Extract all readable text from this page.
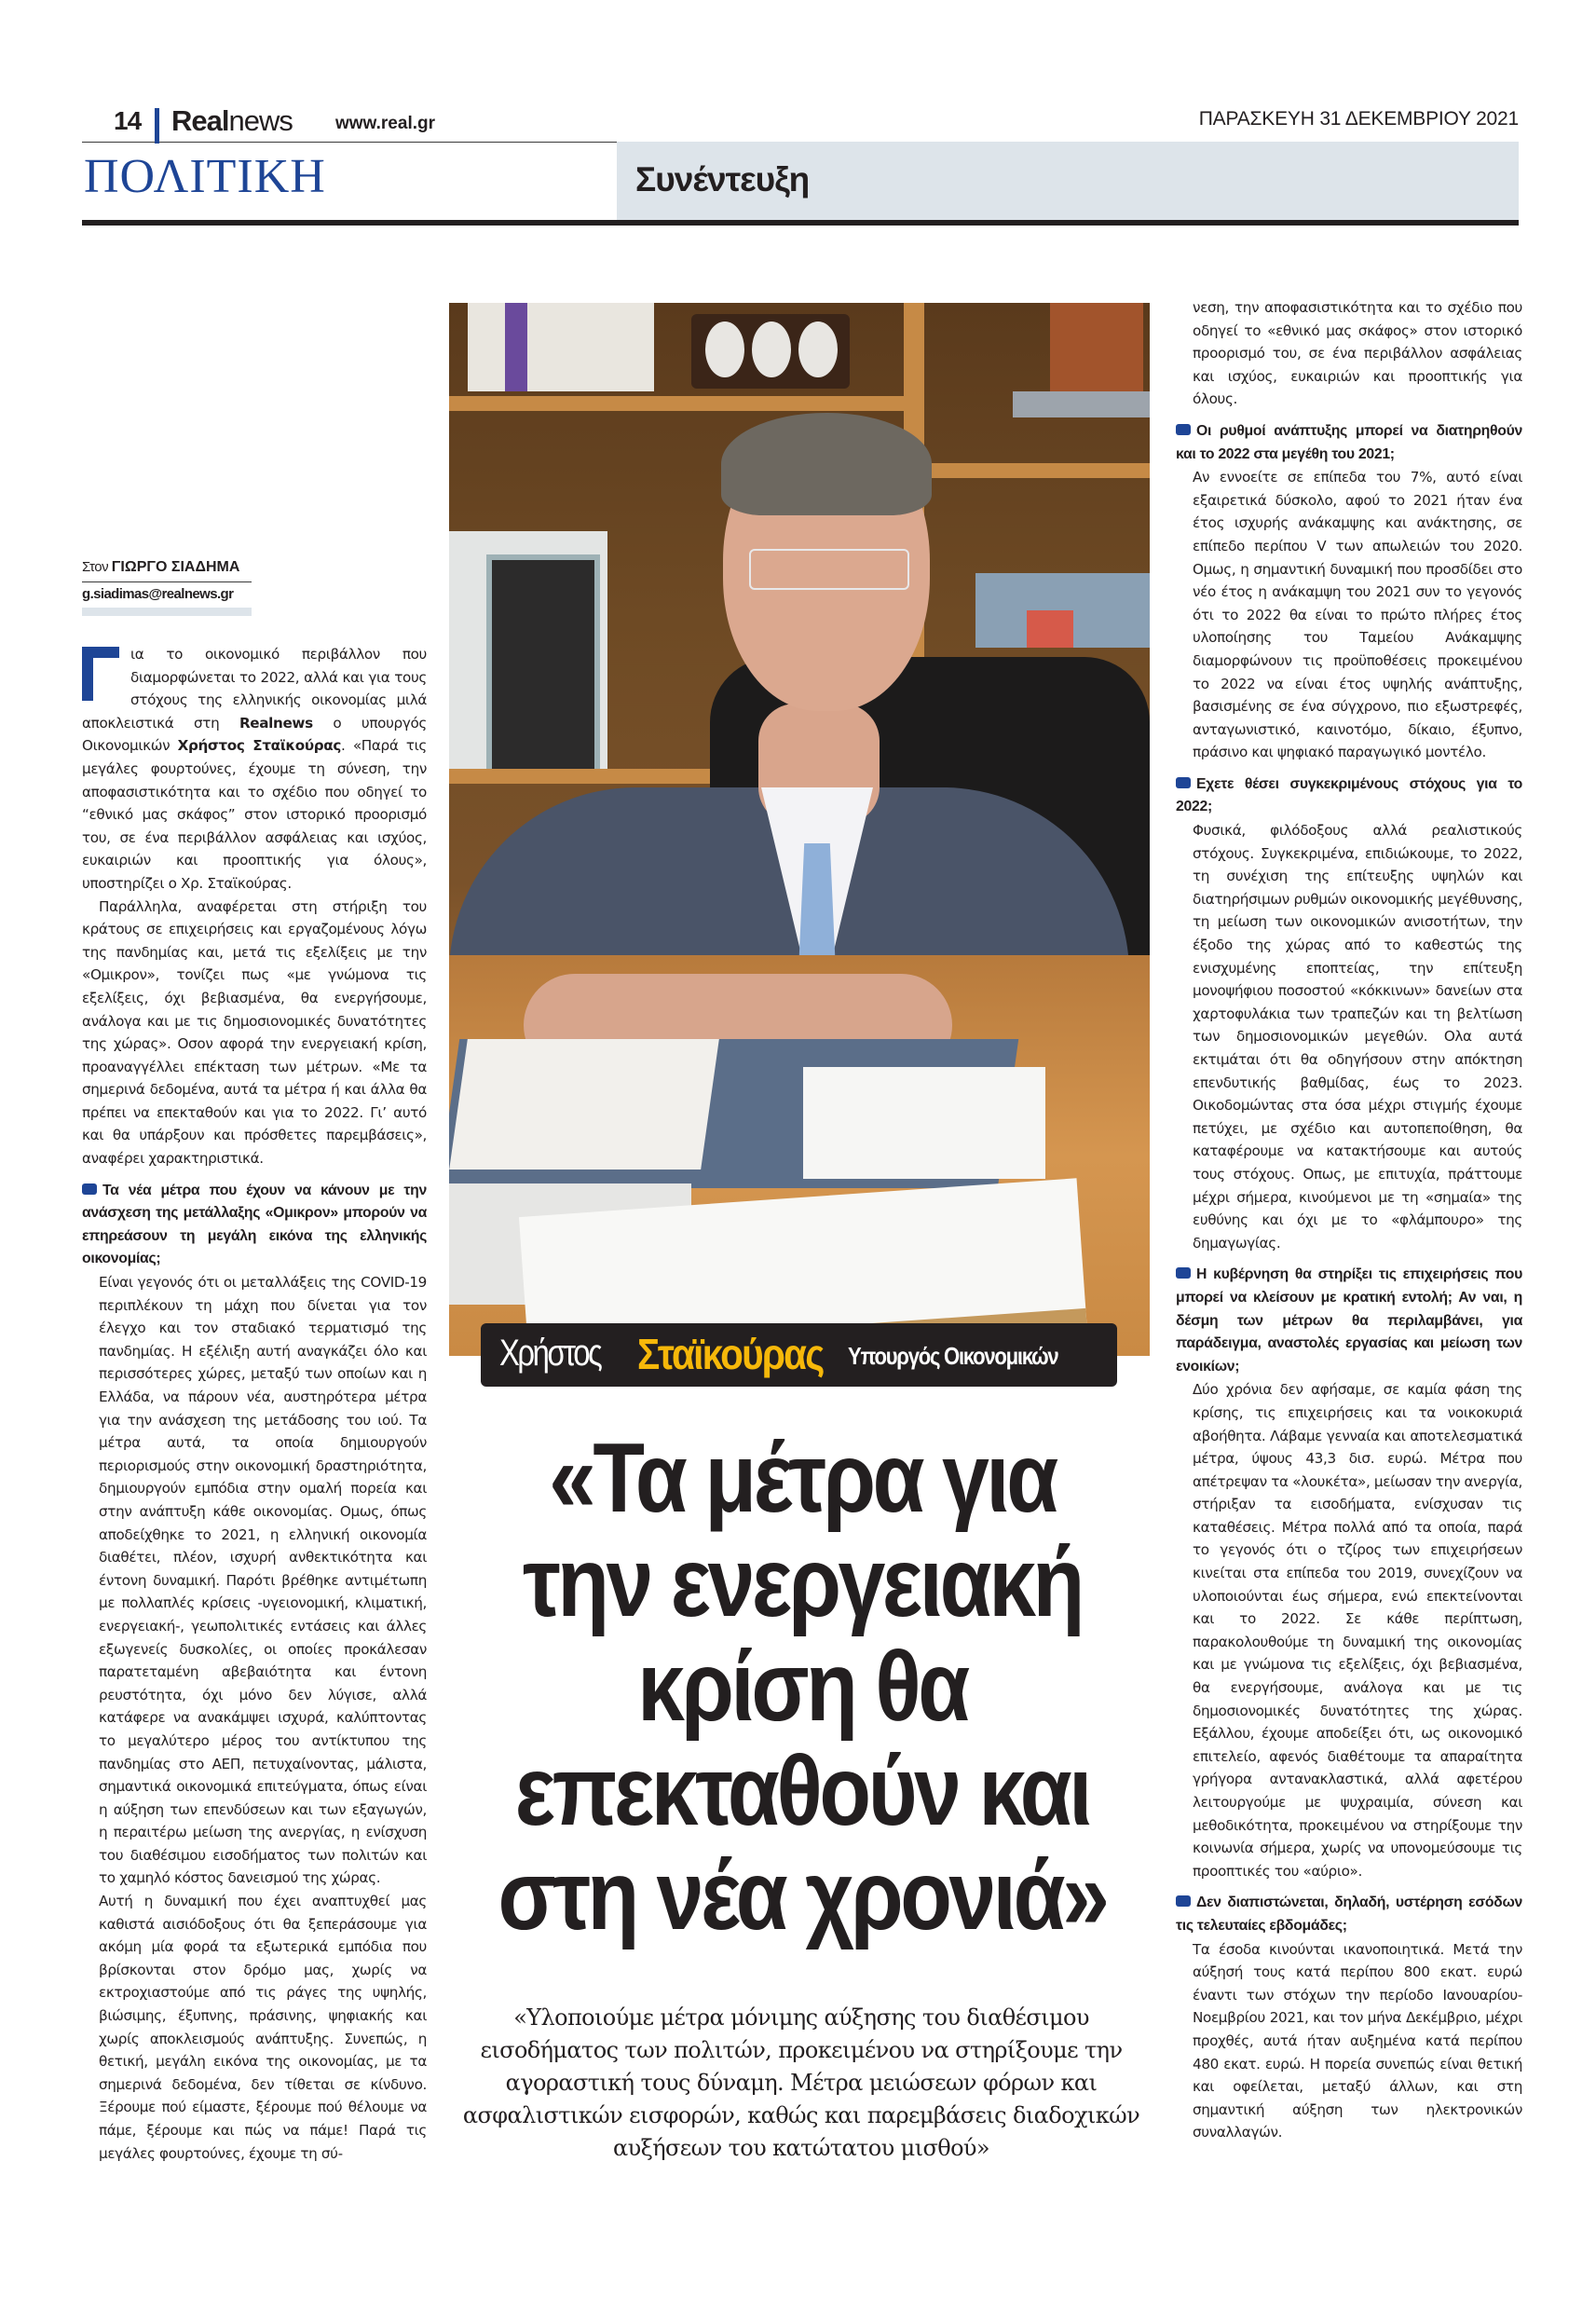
14 Realnews www.real.gr	ΠΑΡΑΣΚΕΥΗ 31 ΔΕΚΕΜΒΡΙΟΥ 2021
ΠΟΛΙΤΙΚΗ	Συνέντευξη
Στον ΓΙΩΡΓΟ ΣΙΑΔΗΜΑ
g.siadimas@realnews.gr

ια το οικονομικό περιβάλλον που διαμορφώνεται το 2022, αλλά και για τους στόχους της ελληνικής οικονομίας μιλά αποκλειστικά στη Realnews ο υπουργός Οικονομικών Χρήστος Σταϊκούρας. «Παρά τις μεγάλες φουρτούνες, έχουμε τη σύνεση, την αποφασιστικότητα και το σχέδιο που οδηγεί το “εθνικό μας σκάφος” στον ιστορικό προορισμό του, σε ένα περιβάλλον ασφάλειας και ισχύος, ευκαιριών και προοπτικής για όλους», υποστηρίζει ο Χρ. Σταϊκούρας.

Παράλληλα, αναφέρεται στη στήριξη του κράτους σε επιχειρήσεις και εργαζομένους λόγω της πανδημίας και, μετά τις εξελίξεις με την «Ομικρον», τονίζει πως «με γνώμονα τις εξελίξεις, όχι βεβιασμένα, θα ενεργήσουμε, ανάλογα και με τις δημοσιονομικές δυνατότητες της χώρας». Οσον αφορά την ενεργειακή κρίση, προαναγγέλλει επέκταση των μέτρων. «Με τα σημερινά δεδομένα, αυτά τα μέτρα ή και άλλα θα πρέπει να επεκταθούν και για το 2022. Γι’ αυτό και θα υπάρξουν και πρόσθετες παρεμβάσεις», αναφέρει χαρακτηριστικά.

Τα νέα μέτρα που έχουν να κάνουν με την ανάσχεση της μετάλλαξης «Ομικρον» μπορούν να επηρεάσουν τη μεγάλη εικόνα της ελληνικής οικονομίας;

Είναι γεγονός ότι οι μεταλλάξεις της COVID-19 περιπλέκουν τη μάχη που δίνεται για τον έλεγχο και τον σταδιακό τερματισμό της πανδημίας. Η εξέλιξη αυτή αναγκάζει όλο και περισσότερες χώρες, μεταξύ των οποίων και η Ελλάδα, να πάρουν νέα, αυστηρότερα μέτρα για την ανάσχεση της μετάδοσης του ιού. Τα μέτρα αυτά, τα οποία δημιουργούν περιορισμούς στην οικονομική δραστηριότητα, δημιουργούν εμπόδια στην ομαλή πορεία και στην ανάπτυξη κάθε οικονομίας. Ομως, όπως αποδείχθηκε το 2021, η ελληνική οικονομία διαθέτει, πλέον, ισχυρή ανθεκτικότητα και έντονη δυναμική. Παρότι βρέθηκε αντιμέτωπη με πολλαπλές κρίσεις -υγειονομική, κλιματική, ενεργειακή-, γεωπολιτικές εντάσεις και άλλες εξωγενείς δυσκολίες, οι οποίες προκάλεσαν παρατεταμένη αβεβαιότητα και έντονη ρευστότητα, όχι μόνο δεν λύγισε, αλλά κατάφερε να ανακάμψει ισχυρά, καλύπτοντας το μεγαλύτερο μέρος του αντίκτυπου της πανδημίας στο ΑΕΠ, πετυχαίνοντας, μάλιστα, σημαντικά οικονομικά επιτεύγματα, όπως είναι η αύξηση των επενδύσεων και των εξαγωγών, η περαιτέρω μείωση της ανεργίας, η ενίσχυση του διαθέσιμου εισοδήματος των πολιτών και το χαμηλό κόστος δανεισμού της χώρας.

Αυτή η δυναμική που έχει αναπτυχθεί μας καθιστά αισιόδοξους ότι θα ξεπεράσουμε για ακόμη μία φορά τα εξωτερικά εμπόδια που βρίσκονται στον δρόμο μας, χωρίς να εκτροχιαστούμε από τις ράγες της υψηλής, βιώσιμης, έξυπνης, πράσινης, ψηφιακής και χωρίς αποκλεισμούς ανάπτυξης. Συνεπώς, η θετική, μεγάλη εικόνα της οικονομίας, με τα σημερινά δεδομένα, δεν τίθεται σε κίνδυνο. Ξέρουμε πού είμαστε, ξέρουμε πού θέλουμε να πάμε, ξέρουμε και πώς να πάμε! Παρά τις μεγάλες φουρτούνες, έχουμε τη σύ-

Χρήστος Σταϊκούρας Υπουργός Οικονομικών
«Τα μέτρα για
την ενεργειακή
κρίση θα
επεκταθούν και
στη νέα χρονιά»
«Υλοποιούμε μέτρα μόνιμης αύξησης του διαθέσιμου εισοδήματος των πολιτών, προκειμένου να στηρίξουμε την αγοραστική τους δύναμη. Μέτρα μειώσεων φόρων και ασφαλιστικών εισφορών, καθώς και παρεμβάσεις διαδοχικών αυξήσεων του κατώτατου μισθού»

νεση, την αποφασιστικότητα και το σχέδιο που οδηγεί το «εθνικό μας σκάφος» στον ιστορικό προορισμό του, σε ένα περιβάλλον ασφάλειας και ισχύος, ευκαιριών και προοπτικής για όλους.

Οι ρυθμοί ανάπτυξης μπορεί να διατηρηθούν και το 2022 στα μεγέθη του 2021;

Αν εννοείτε σε επίπεδα του 7%, αυτό είναι εξαιρετικά δύσκολο, αφού το 2021 ήταν ένα έτος ισχυρής ανάκαμψης και ανάκτησης, σε επίπεδο περίπου V των απωλειών του 2020. Ομως, η σημαντική δυναμική που προσδίδει στο νέο έτος η ανάκαμψη του 2021 συν το γεγονός ότι το 2022 θα είναι το πρώτο πλήρες έτος υλοποίησης του Ταμείου Ανάκαμψης διαμορφώνουν τις προϋποθέσεις προκειμένου το 2022 να είναι έτος υψηλής ανάπτυξης, βασισμένης σε ένα σύγχρονο, πιο εξωστρεφές, ανταγωνιστικό, καινοτόμο, δίκαιο, έξυπνο, πράσινο και ψηφιακό παραγωγικό μοντέλο.

Εχετε θέσει συγκεκριμένους στόχους για το 2022;

Φυσικά, φιλόδοξους αλλά ρεαλιστικούς στόχους. Συγκεκριμένα, επιδιώκουμε, το 2022, τη συνέχιση της επίτευξης υψηλών και διατηρήσιμων ρυθμών οικονομικής μεγέθυνσης, τη μείωση των οικονομικών ανισοτήτων, την έξοδο της χώρας από το καθεστώς της ενισχυμένης εποπτείας, την επίτευξη μονοψήφιου ποσοστού «κόκκινων» δανείων στα χαρτοφυλάκια των τραπεζών και τη βελτίωση των δημοσιονομικών μεγεθών. Ολα αυτά εκτιμάται ότι θα οδηγήσουν στην απόκτηση επενδυτικής βαθμίδας, έως το 2023. Οικοδομώντας στα όσα μέχρι στιγμής έχουμε πετύχει, με σχέδιο και αυτοπεποίθηση, θα καταφέρουμε να κατακτήσουμε και αυτούς τους στόχους. Οπως, με επιτυχία, πράττουμε μέχρι σήμερα, κινούμενοι με τη «σημαία» της ευθύνης και όχι με το «φλάμπουρο» της δημαγωγίας.

Η κυβέρνηση θα στηρίξει τις επιχειρήσεις που μπορεί να κλείσουν με κρατική εντολή; Αν ναι, η δέσμη των μέτρων θα περιλαμβάνει, για παράδειγμα, αναστολές εργασίας και μείωση των ενοικίων;

Δύο χρόνια δεν αφήσαμε, σε καμία φάση της κρίσης, τις επιχειρήσεις και τα νοικοκυριά αβοήθητα. Λάβαμε γενναία και αποτελεσματικά μέτρα, ύψους 43,3 δισ. ευρώ. Μέτρα που απέτρεψαν τα «λουκέτα», μείωσαν την ανεργία, στήριξαν τα εισοδήματα, ενίσχυσαν τις καταθέσεις. Μέτρα πολλά από τα οποία, παρά το γεγονός ότι ο τζίρος των επιχειρήσεων κινείται στα επίπεδα του 2019, συνεχίζουν να υλοποιούνται έως σήμερα, ενώ επεκτείνονται και το 2022. Σε κάθε περίπτωση, παρακολουθούμε τη δυναμική της οικονομίας και με γνώμονα τις εξελίξεις, όχι βεβιασμένα, θα ενεργήσουμε, ανάλογα και με τις δημοσιονομικές δυνατότητες της χώρας. Εξάλλου, έχουμε αποδείξει ότι, ως οικονομικό επιτελείο, αφενός διαθέτουμε τα απαραίτητα γρήγορα αντανακλαστικά, αλλά αφετέρου λειτουργούμε με ψυχραιμία, σύνεση και μεθοδικότητα, προκειμένου να στηρίξουμε την κοινωνία σήμερα, χωρίς να υπονομεύσουμε τις προοπτικές του «αύριο».

Δεν διαπιστώνεται, δηλαδή, υστέρηση εσόδων τις τελευταίες εβδομάδες;

Τα έσοδα κινούνται ικανοποιητικά. Μετά την αύξησή τους κατά περίπου 800 εκατ. ευρώ έναντι των στόχων την περίοδο Ιανουαρίου-Νοεμβρίου 2021, και τον μήνα Δεκέμβριο, μέχρι προχθές, αυτά ήταν αυξημένα κατά περίπου 480 εκατ. ευρώ. Η πορεία συνεπώς είναι θετική και οφείλεται, μεταξύ άλλων, και στη σημαντική αύξηση των ηλεκτρονικών συναλλαγών.
